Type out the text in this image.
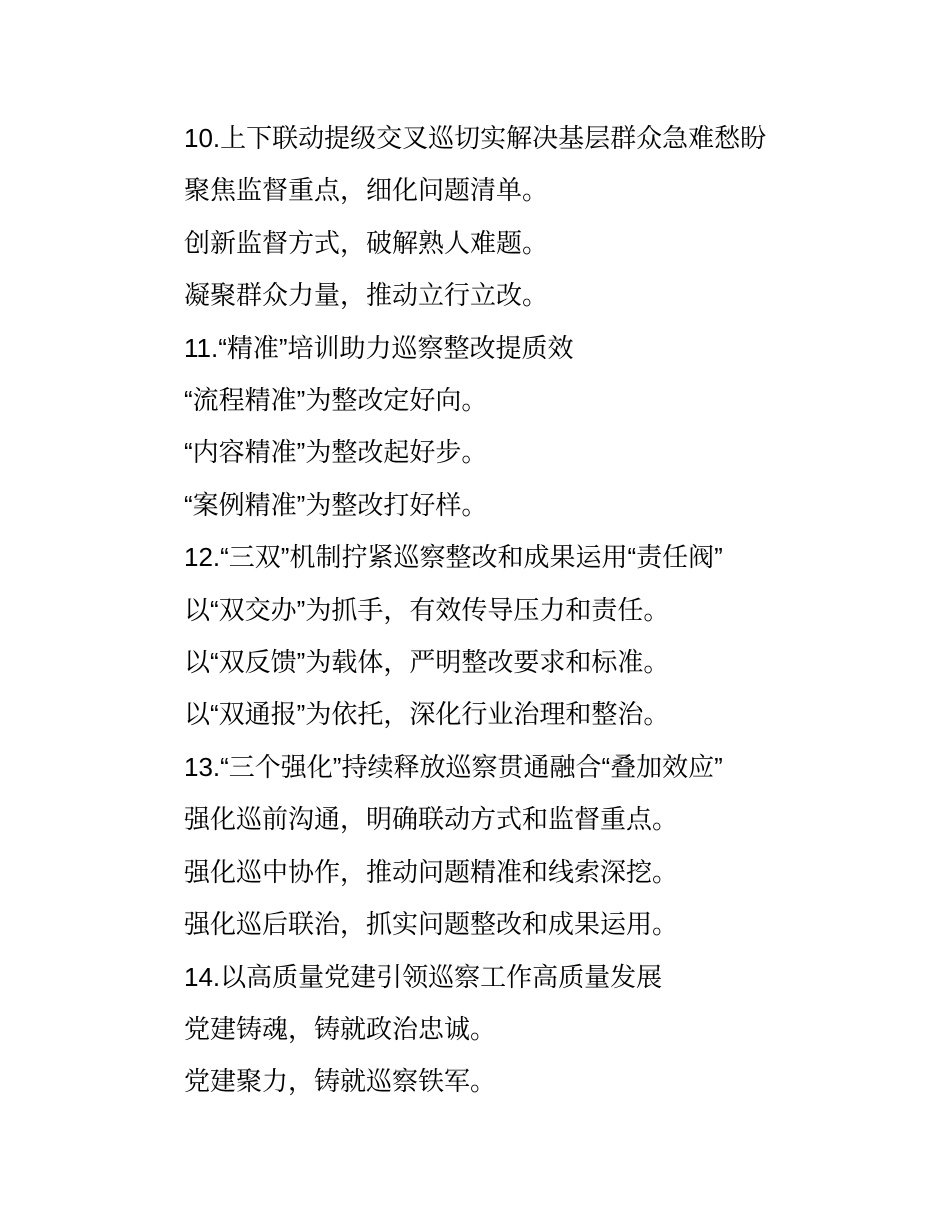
10.上下联动提级交叉巡切实解决基层群众急难愁盼

聚焦监督重点，细化问题清单。

创新监督方式，破解熟人难题。

凝聚群众力量，推动立行立改。

11.“精准”培训助力巡察整改提质效

“流程精准”为整改定好向。

“内容精准”为整改起好步。

“案例精准”为整改打好样。

12.“三双”机制拧紧巡察整改和成果运用“责任阀”

以“双交办”为抓手，有效传导压力和责任。

以“双反馈”为载体，严明整改要求和标准。

以“双通报”为依托，深化行业治理和整治。

13.“三个强化”持续释放巡察贯通融合“叠加效应”

强化巡前沟通，明确联动方式和监督重点。

强化巡中协作，推动问题精准和线索深挖。

强化巡后联治，抓实问题整改和成果运用。

14.以高质量党建引领巡察工作高质量发展

党建铸魂，铸就政治忠诚。

党建聚力，铸就巡察铁军。
